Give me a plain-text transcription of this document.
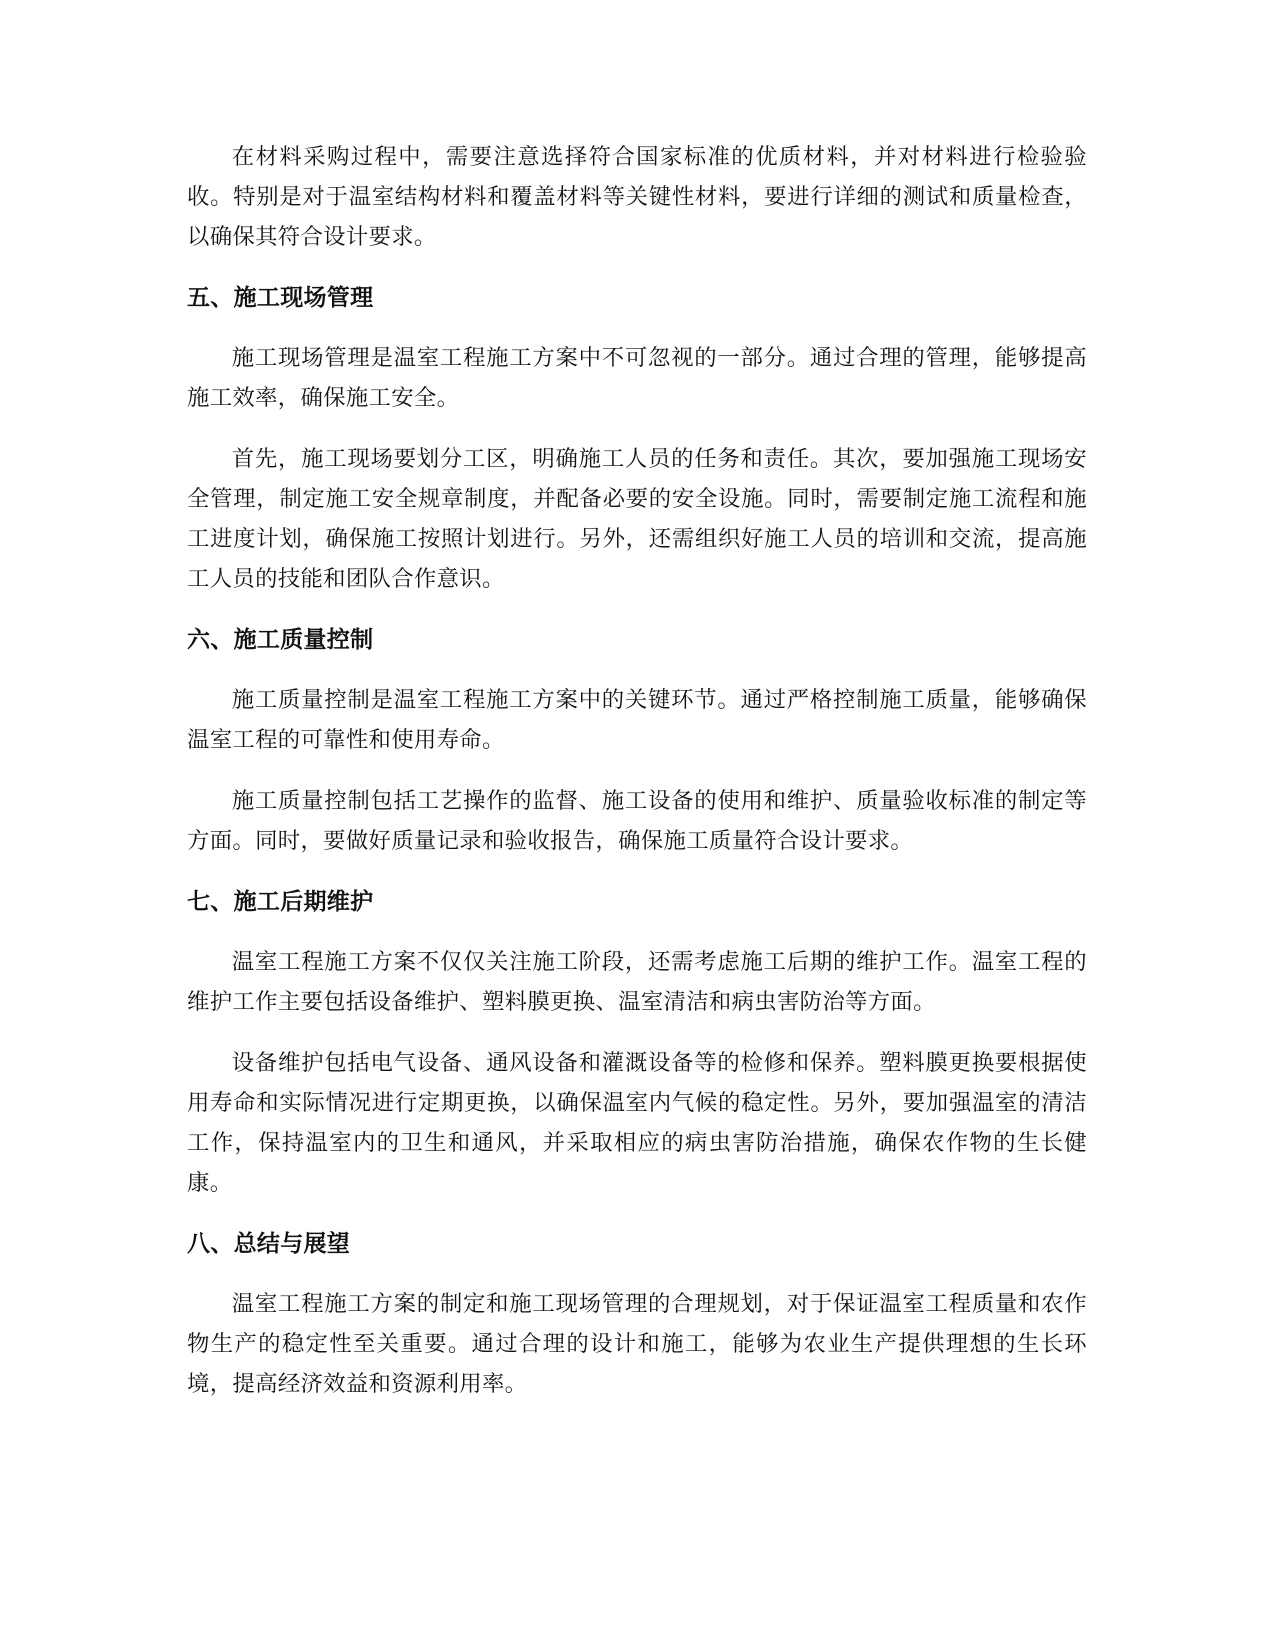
在材料采购过程中，需要注意选择符合国家标准的优质材料，并对材料进行检验验收。特别是对于温室结构材料和覆盖材料等关键性材料，要进行详细的测试和质量检查，以确保其符合设计要求。

五、施工现场管理

施工现场管理是温室工程施工方案中不可忽视的一部分。通过合理的管理，能够提高施工效率，确保施工安全。

首先，施工现场要划分工区，明确施工人员的任务和责任。其次，要加强施工现场安全管理，制定施工安全规章制度，并配备必要的安全设施。同时，需要制定施工流程和施工进度计划，确保施工按照计划进行。另外，还需组织好施工人员的培训和交流，提高施工人员的技能和团队合作意识。

六、施工质量控制

施工质量控制是温室工程施工方案中的关键环节。通过严格控制施工质量，能够确保温室工程的可靠性和使用寿命。

施工质量控制包括工艺操作的监督、施工设备的使用和维护、质量验收标准的制定等方面。同时，要做好质量记录和验收报告，确保施工质量符合设计要求。

七、施工后期维护

温室工程施工方案不仅仅关注施工阶段，还需考虑施工后期的维护工作。温室工程的维护工作主要包括设备维护、塑料膜更换、温室清洁和病虫害防治等方面。

设备维护包括电气设备、通风设备和灌溉设备等的检修和保养。塑料膜更换要根据使用寿命和实际情况进行定期更换，以确保温室内气候的稳定性。另外，要加强温室的清洁工作，保持温室内的卫生和通风，并采取相应的病虫害防治措施，确保农作物的生长健康。

八、总结与展望

温室工程施工方案的制定和施工现场管理的合理规划，对于保证温室工程质量和农作物生产的稳定性至关重要。通过合理的设计和施工，能够为农业生产提供理想的生长环境，提高经济效益和资源利用率。
